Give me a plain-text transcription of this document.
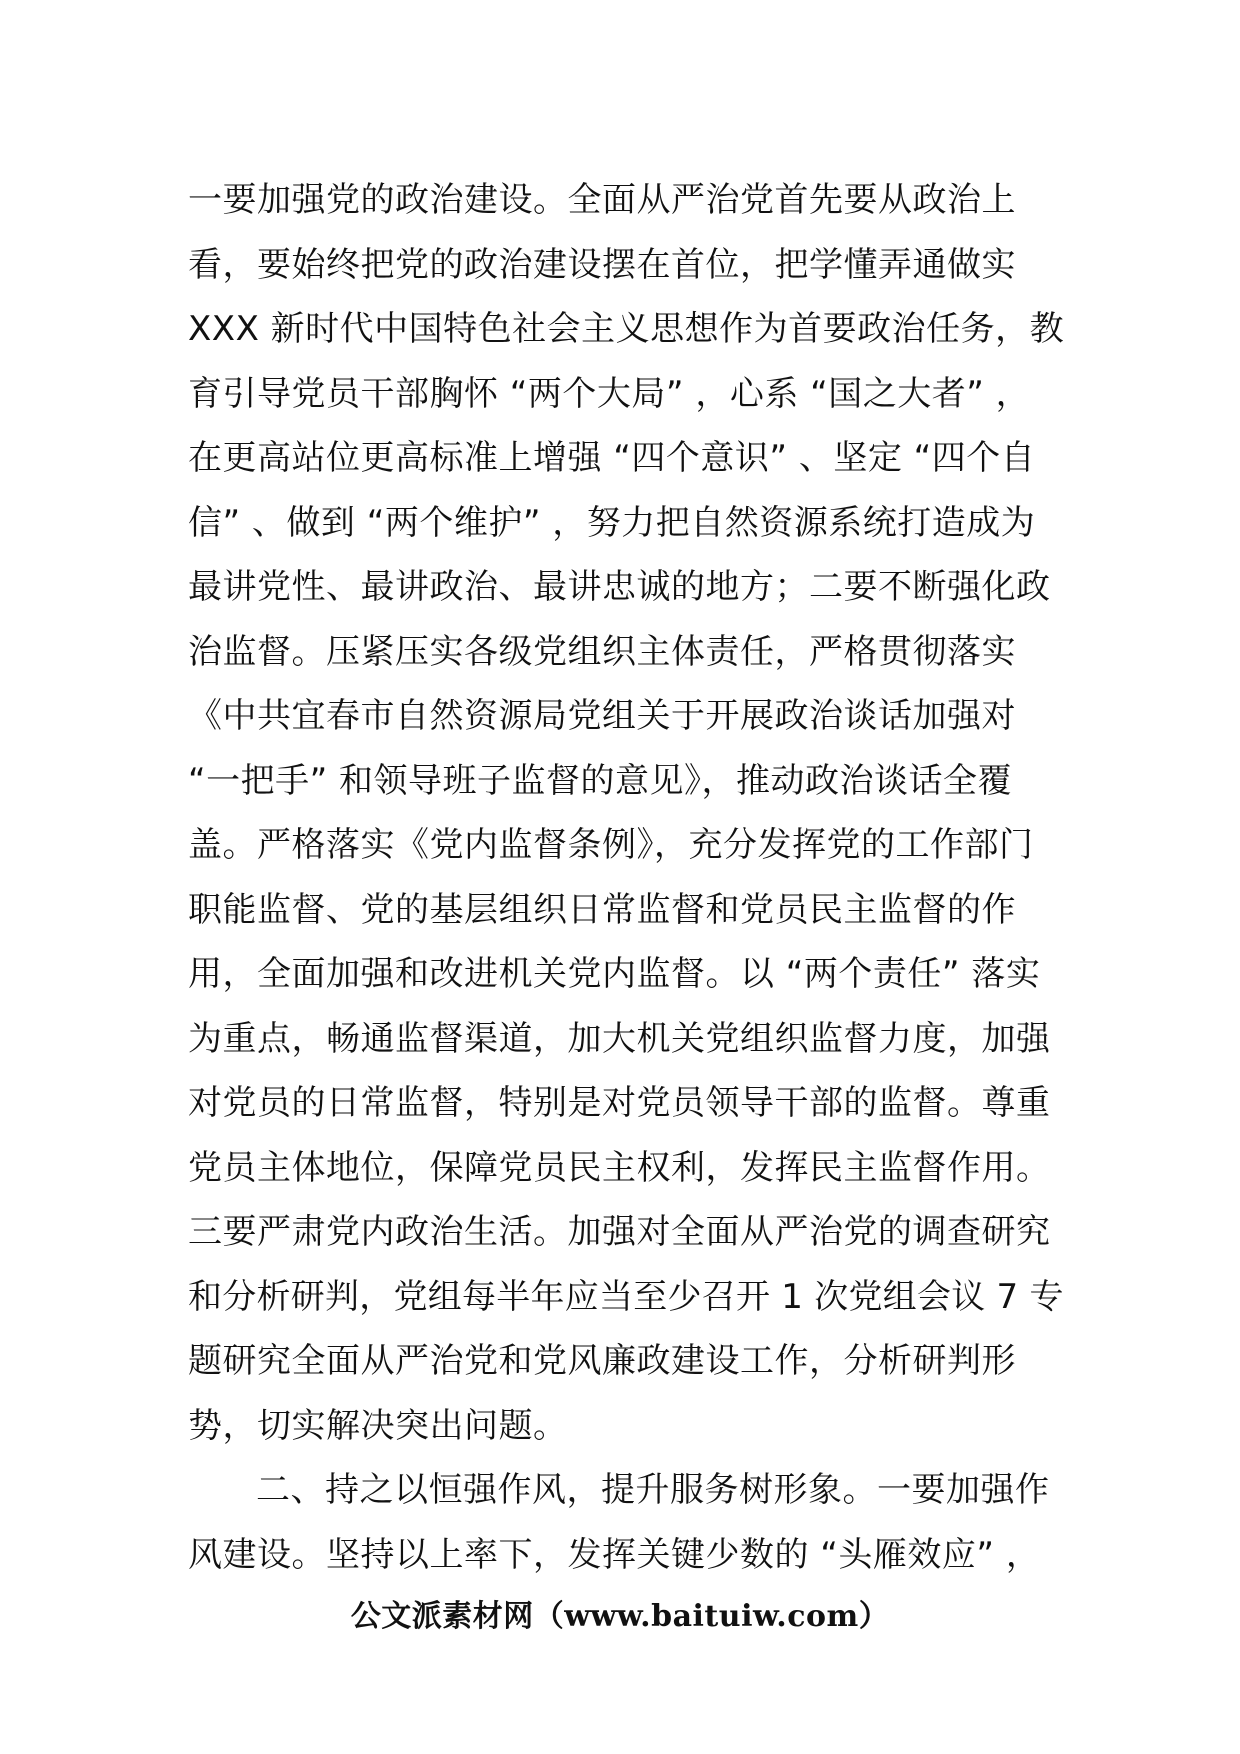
一要加强党的政治建设。全面从严治党首先要从政治上
看，要始终把党的政治建设摆在首位，把学懂弄通做实
XXX 新时代中国特色社会主义思想作为首要政治任务，教
育引导党员干部胸怀 “两个大局” ，心系 “国之大者” ，
在更高站位更高标准上增强 “四个意识” 、坚定 “四个自
信” 、做到 “两个维护” ，努力把自然资源系统打造成为
最讲党性、最讲政治、最讲忠诚的地方；二要不断强化政
治监督。压紧压实各级党组织主体责任，严格贯彻落实
《中共宜春市自然资源局党组关于开展政治谈话加强对
“一把手” 和领导班子监督的意见》，推动政治谈话全覆
盖。严格落实《党内监督条例》，充分发挥党的工作部门
职能监督、党的基层组织日常监督和党员民主监督的作
用，全面加强和改进机关党内监督。以 “两个责任” 落实
为重点，畅通监督渠道，加大机关党组织监督力度，加强
对党员的日常监督，特别是对党员领导干部的监督。尊重
党员主体地位，保障党员民主权利，发挥民主监督作用。
三要严肃党内政治生活。加强对全面从严治党的调查研究
和分析研判，党组每半年应当至少召开 1 次党组会议 7 专
题研究全面从严治党和党风廉政建设工作，分析研判形
势，切实解决突出问题。
二、持之以恒强作风，提升服务树形象。一要加强作
风建设。坚持以上率下，发挥关键少数的 “头雁效应” ，
公文派素材网（www.baituiw.com）
